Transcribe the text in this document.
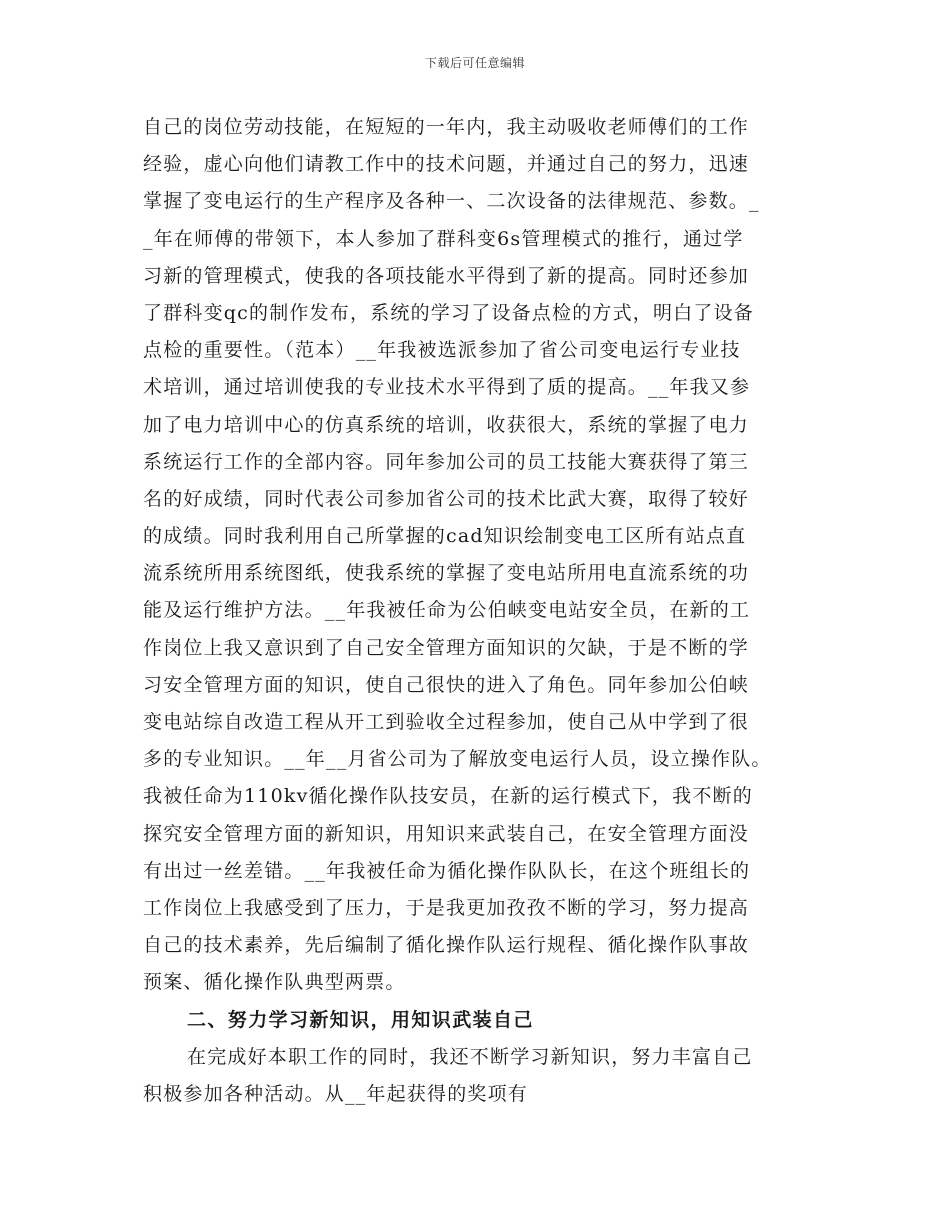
下载后可任意编辑
自己的岗位劳动技能，在短短的一年内，我主动吸收老师傅们的工作
经验，虚心向他们请教工作中的技术问题，并通过自己的努力，迅速
掌握了变电运行的生产程序及各种一、二次设备的法律规范、参数。_
_年在师傅的带领下，本人参加了群科变6s管理模式的推行，通过学
习新的管理模式，使我的各项技能水平得到了新的提高。同时还参加
了群科变qc的制作发布，系统的学习了设备点检的方式，明白了设备
点检的重要性。（范本）__年我被选派参加了省公司变电运行专业技
术培训，通过培训使我的专业技术水平得到了质的提高。__年我又参
加了电力培训中心的仿真系统的培训，收获很大，系统的掌握了电力
系统运行工作的全部内容。同年参加公司的员工技能大赛获得了第三
名的好成绩，同时代表公司参加省公司的技术比武大赛，取得了较好
的成绩。同时我利用自己所掌握的cad知识绘制变电工区所有站点直
流系统所用系统图纸，使我系统的掌握了变电站所用电直流系统的功
能及运行维护方法。__年我被任命为公伯峡变电站安全员，在新的工
作岗位上我又意识到了自己安全管理方面知识的欠缺，于是不断的学
习安全管理方面的知识，使自己很快的进入了角色。同年参加公伯峡
变电站综自改造工程从开工到验收全过程参加，使自己从中学到了很
多的专业知识。__年__月省公司为了解放变电运行人员，设立操作队。
我被任命为110kv循化操作队技安员，在新的运行模式下，我不断的
探究安全管理方面的新知识，用知识来武装自己，在安全管理方面没
有出过一丝差错。__年我被任命为循化操作队队长，在这个班组长的
工作岗位上我感受到了压力，于是我更加孜孜不断的学习，努力提高
自己的技术素养，先后编制了循化操作队运行规程、循化操作队事故
预案、循化操作队典型两票。
二、努力学习新知识，用知识武装自己
在完成好本职工作的同时，我还不断学习新知识，努力丰富自己
积极参加各种活动。从__年起获得的奖项有
